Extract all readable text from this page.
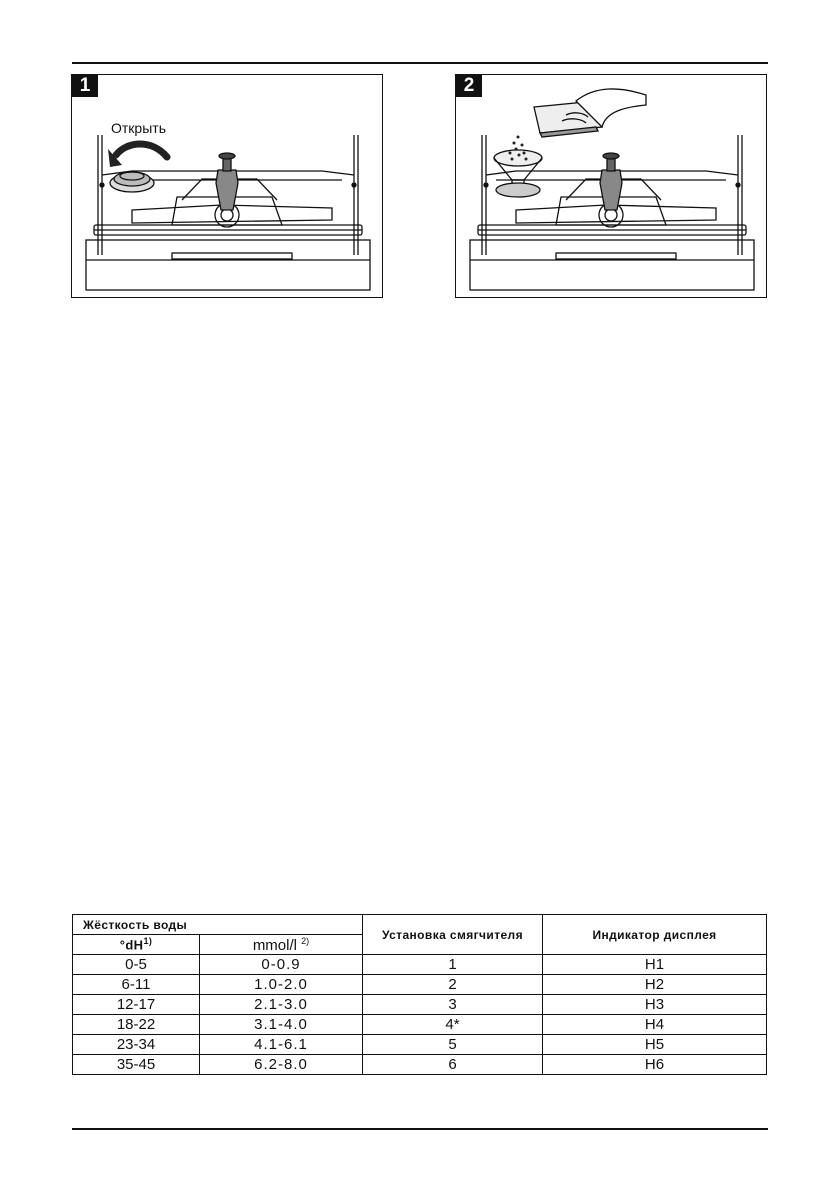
1
Открыть
2
Жёсткость воды		Установка смягчителя	Индикатор дисплея
$^\circ dH^{1)}$	mmol/l $^{2)}$
0-5	0-0.9	1	H1
6-11	1.0-2.0	2	H2
12-17	2.1-3.0	3	H3
18-22	3.1-4.0	4*	H4
23-34	4.1-6.1	5	H5
35-45	6.2-8.0	6	H6
